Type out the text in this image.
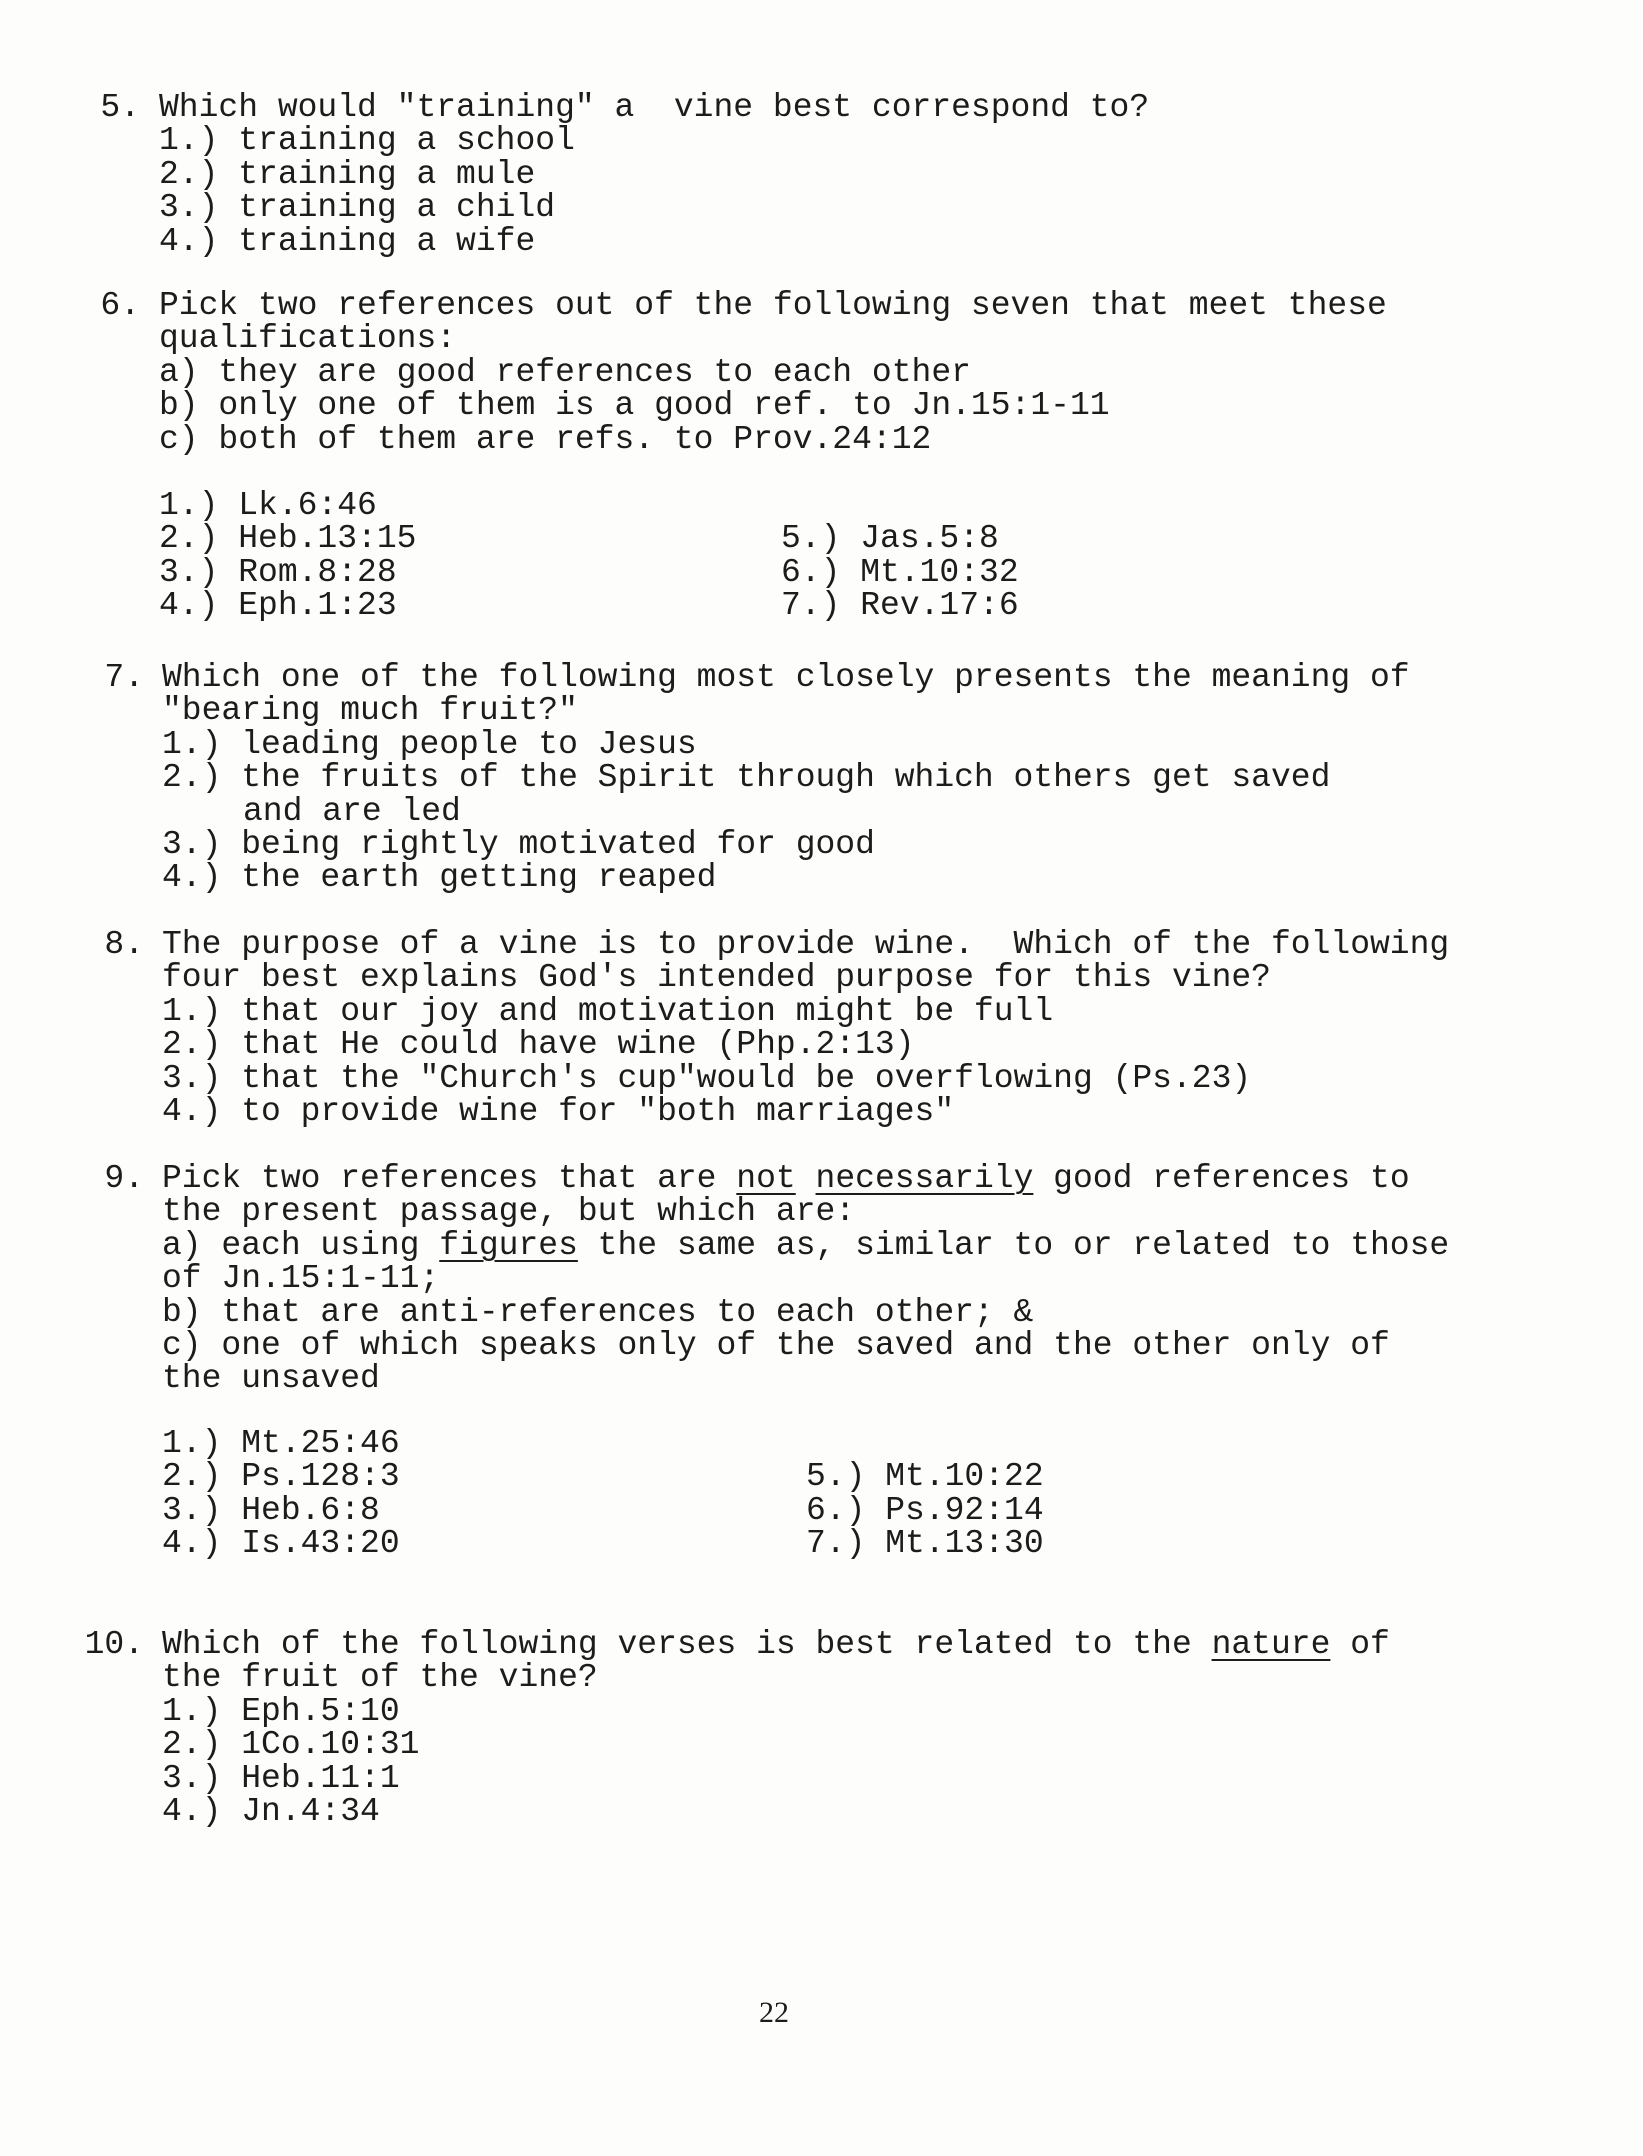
5. Which would "training" a  vine best correspond to?
1.) training a school
2.) training a mule
3.) training a child
4.) training a wife
6. Pick two references out of the following seven that meet these
qualifications:
a) they are good references to each other
b) only one of them is a good ref. to Jn.15:1-11
c) both of them are refs. to Prov.24:12
1.) Lk.6:46
2.) Heb.13:15
3.) Rom.8:28
4.) Eph.1:23
5.) Jas.5:8
6.) Mt.10:32
7.) Rev.17:6
7. Which one of the following most closely presents the meaning of
"bearing much fruit?"
1.) leading people to Jesus
2.) the fruits of the Spirit through which others get saved
and are led
3.) being rightly motivated for good
4.) the earth getting reaped
8. The purpose of a vine is to provide wine.  Which of the following
four best explains God's intended purpose for this vine?
1.) that our joy and motivation might be full
2.) that He could have wine (Php.2:13)
3.) that the "Church's cup"would be overflowing (Ps.23)
4.) to provide wine for "both marriages"
9. Pick two references that are not necessarily good references to
the present passage, but which are:
a) each using figures the same as, similar to or related to those
of Jn.15:1-11;
b) that are anti-references to each other; &
c) one of which speaks only of the saved and the other only of
the unsaved
1.) Mt.25:46
2.) Ps.128:3
3.) Heb.6:8
4.) Is.43:20
5.) Mt.10:22
6.) Ps.92:14
7.) Mt.13:30
10. Which of the following verses is best related to the nature of
the fruit of the vine?
1.) Eph.5:10
2.) 1Co.10:31
3.) Heb.11:1
4.) Jn.4:34
22
